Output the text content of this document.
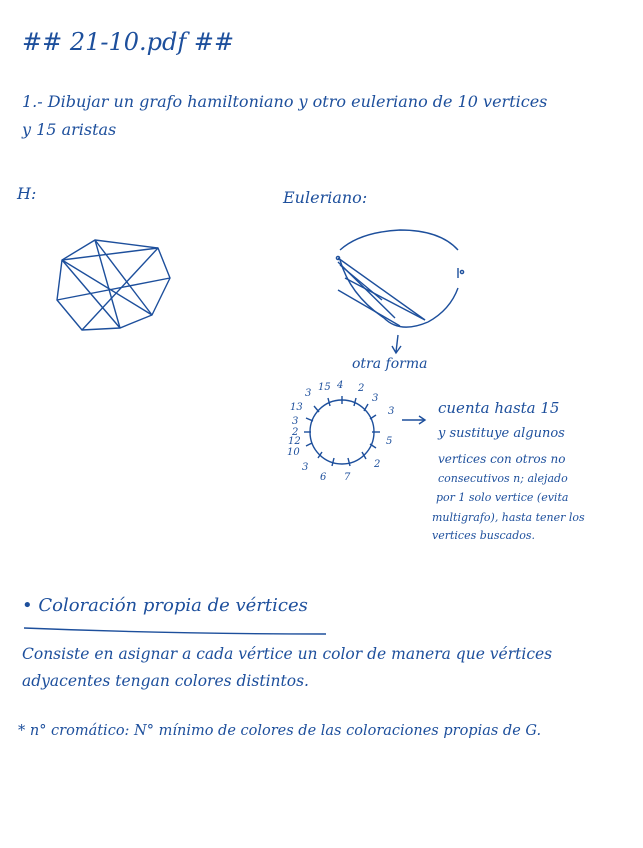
## 21-10.pdf ##
1.- Dibujar un grafo hamiltoniano y otro euleriano de 10 vertices
y 15 aristas
H:	Euleriano:
otra forma
3
15 4 2
3
13
3
2
12
10
3
5
3
6 7
2
cuenta hasta 15
y sustituye algunos
vertices con otros no
consecutivos n; alejado
por 1 solo vertice (evita
multigrafo), hasta tener los
vertices buscados.
• Coloración propia de vértices
Consiste en asignar a cada vértice un color de manera que vértices
adyacentes tengan colores distintos.
* n° cromático: N° mínimo de colores de las coloraciones propias de G.
